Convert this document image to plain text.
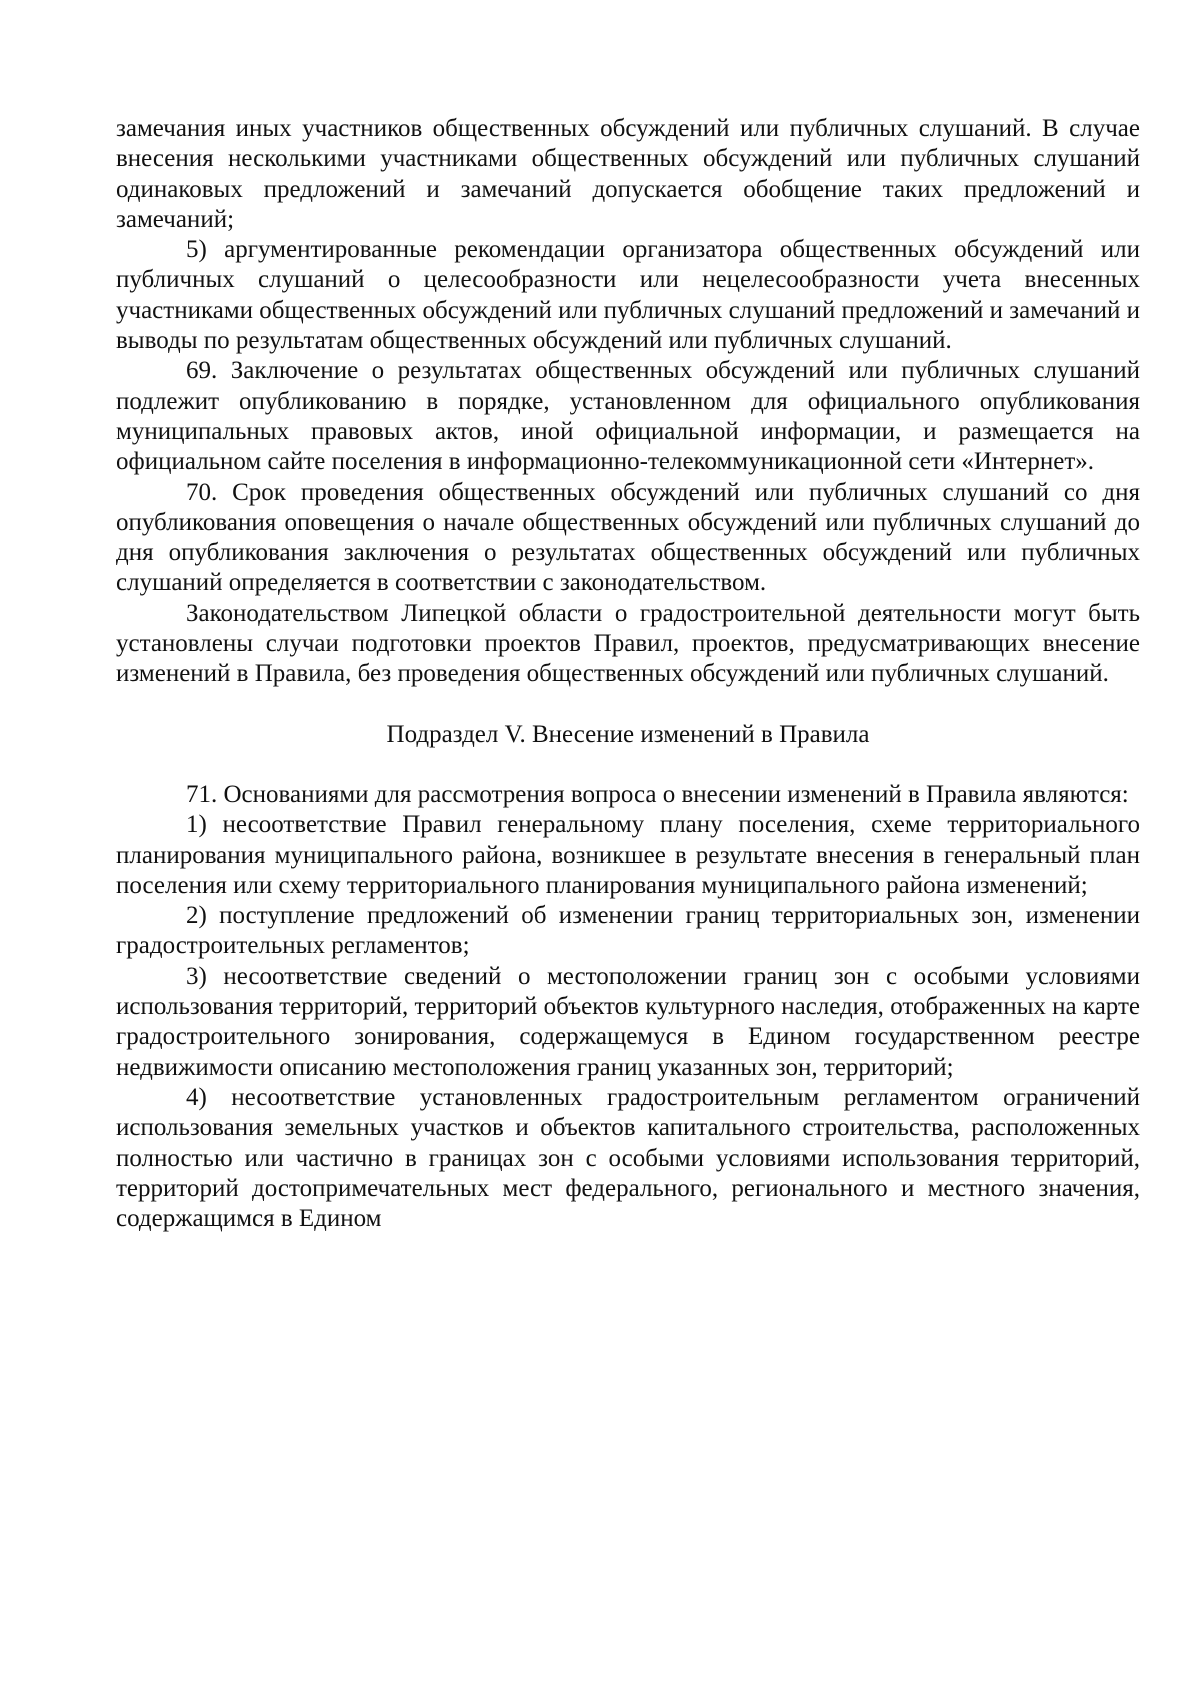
замечания иных участников общественных обсуждений или публичных слушаний. В случае внесения несколькими участниками общественных обсуждений или публичных слушаний одинаковых предложений и замечаний допускается обобщение таких предложений и замечаний;

5) аргументированные рекомендации организатора общественных обсуждений или публичных слушаний о целесообразности или нецелесообразности учета внесенных участниками общественных обсуждений или публичных слушаний предложений и замечаний и выводы по результатам общественных обсуждений или публичных слушаний.

69. Заключение о результатах общественных обсуждений или публичных слушаний подлежит опубликованию в порядке, установленном для официального опубликования муниципальных правовых актов, иной официальной информации, и размещается на официальном сайте поселения в информационно-телекоммуникационной сети «Интернет».

70. Срок проведения общественных обсуждений или публичных слушаний со дня опубликования оповещения о начале общественных обсуждений или публичных слушаний до дня опубликования заключения о результатах общественных обсуждений или публичных слушаний определяется в соответствии с законодательством.

Законодательством Липецкой области о градостроительной деятельности могут быть установлены случаи подготовки проектов Правил, проектов, предусматривающих внесение изменений в Правила, без проведения общественных обсуждений или публичных слушаний.

Подраздел V. Внесение изменений в Правила

71. Основаниями для рассмотрения вопроса о внесении изменений в Правила являются:

1) несоответствие Правил генеральному плану поселения, схеме территориального планирования муниципального района, возникшее в результате внесения в генеральный план поселения или схему территориального планирования муниципального района изменений;

2) поступление предложений об изменении границ территориальных зон, изменении градостроительных регламентов;

3) несоответствие сведений о местоположении границ зон с особыми условиями использования территорий, территорий объектов культурного наследия, отображенных на карте градостроительного зонирования, содержащемуся в Едином государственном реестре недвижимости описанию местоположения границ указанных зон, территорий;

4) несоответствие установленных градостроительным регламентом ограничений использования земельных участков и объектов капитального строительства, расположенных полностью или частично в границах зон с особыми условиями использования территорий, территорий достопримечательных мест федерального, регионального и местного значения, содержащимся в Едином
